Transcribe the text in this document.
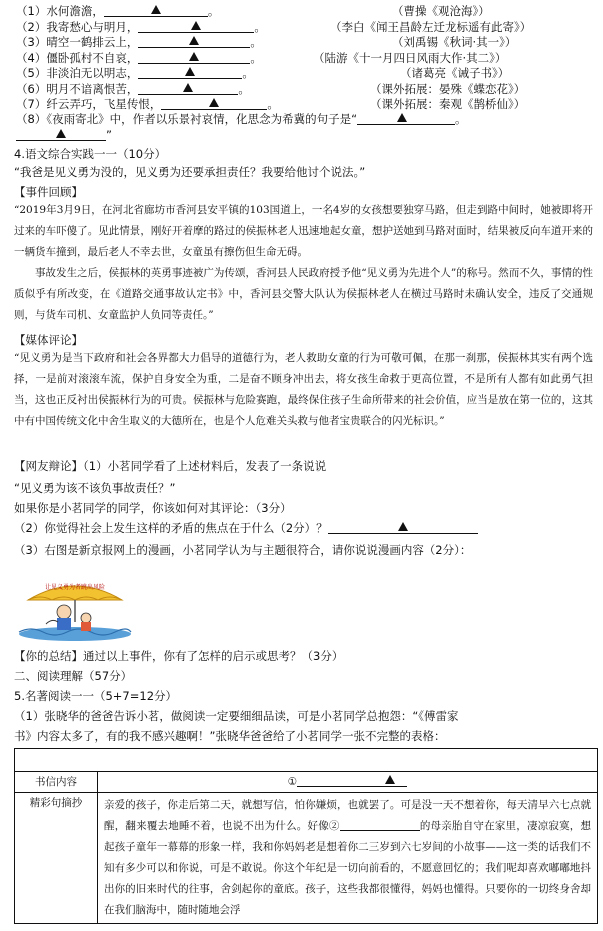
（1）水何澹澹，	。	（曹操《观沧海》）
（2）我寄愁心与明月，	。	（李白《闻王昌龄左迁龙标遥有此寄》）
（3）晴空一鹤排云上，	。	（刘禹锡《秋词·其一》）
（4）僵卧孤村不自哀，	。	（陆游《十一月四日风雨大作·其二》）
（5）非淡泊无以明志，	。	（诸葛亮《诫子书》）
（6）明月不谙离恨苦，	。	（课外拓展：晏殊《蝶恋花》）
（7）纤云弄巧，飞星传恨，	。	（课外拓展：秦观《鹊桥仙》）
（8）《夜雨寄北》中，作者以乐景衬哀情，化思念为希冀的句子是“	。
”
4.语文综合实践一一（10分）
“我爸是见义勇为没的，见义勇为还要承担责任？我要给他讨个说法。”
【事件回顾】
“2019年3月9日，在河北省廊坊市香河县安平镇的103国道上，一名4岁的女孩想要独穿马路，但走到路中间时，她被即将开过来的车吓傻了。见此情景，刚好开着摩的路过的侯振林老人迅速地起女童，想护送她到马路对面时，结果被反向车道开来的一辆货车撞到，最后老人不幸去世，女童虽有擦伤但生命无碍。
事故发生之后，侯振林的英勇事迹被广为传颂，香河县人民政府授予他“见义勇为先进个人”的称号。然而不久，事情的性质似乎有所改变，在《道路交通事故认定书》中，香河县交警大队认为侯振林老人在横过马路时未确认安全，违反了交通规则，与货车司机、女童监护人负同等责任。”
【媒体评论】
“见义勇为是当下政府和社会各界都大力倡导的道德行为，老人救助女童的行为可敬可佩，在那一刹那，侯振林其实有两个选择，一是前对滚滚车流，保护自身安全为重，二是奋不顾身冲出去，将女孩生命救于更高位置，不是所有人都有如此勇气担当，这也正反衬出侯振林行为的可贵。侯振林与危险赛跑，最终保住孩子生命所带来的社会价值，应当是放在第一位的，这其中有中国传统文化中舍生取义的大德所在，也是个人危难关头救与他者宝贵联合的闪光标识。”
【网友辩论】（1）小茗同学看了上述材料后，发表了一条说说
“见义勇为该不该负事故责任？”
如果你是小茗同学的同学，你该如何对其评论：（3分）
（2）你觉得社会上发生这样的矛盾的焦点在于什么（2分）？
（3）右图是新京报网上的漫画，小茗同学认为与主题很符合，请你说说漫画内容（2分）：
让见义勇为者跳出风险
【你的总结】通过以上事件，你有了怎样的启示或思考？（3分）
二、阅读理解（57分）
5.名著阅读一一（5+7=12分）
（1）张晓华的爸爸告诉小茗，做阅读一定要细细品读，可是小茗同学总抱怨：“《傅雷家
书》内容太多了，有的我不感兴趣啊！”张晓华爸爸给了小茗同学一张不完整的表格：

书信内容	①

精彩句摘抄	亲爱的孩子，你走后第二天，就想写信，怕你嫌烦，也就罢了。可是没一天不想着你，每天清早六七点就醒，翻来覆去地睡不着，也说不出为什么。好像② 的母亲胎自守在家里，凄凉寂寞，想起孩子童年一幕幕的形象一样，我和你妈妈老是想着你二三岁到六七岁间的小故事——这一类的话我们不知有多少可以和你说，可是不敢说。你这个年纪是一切向前看的，不愿意回忆的；我们呢却喜欢嘟嘟地抖出你的旧来时代的往事，舍剑起你的童底。孩子，这些我都很懂得，妈妈也懂得。只要你的一切终身舍却在我们脑海中，随时随地会浮
